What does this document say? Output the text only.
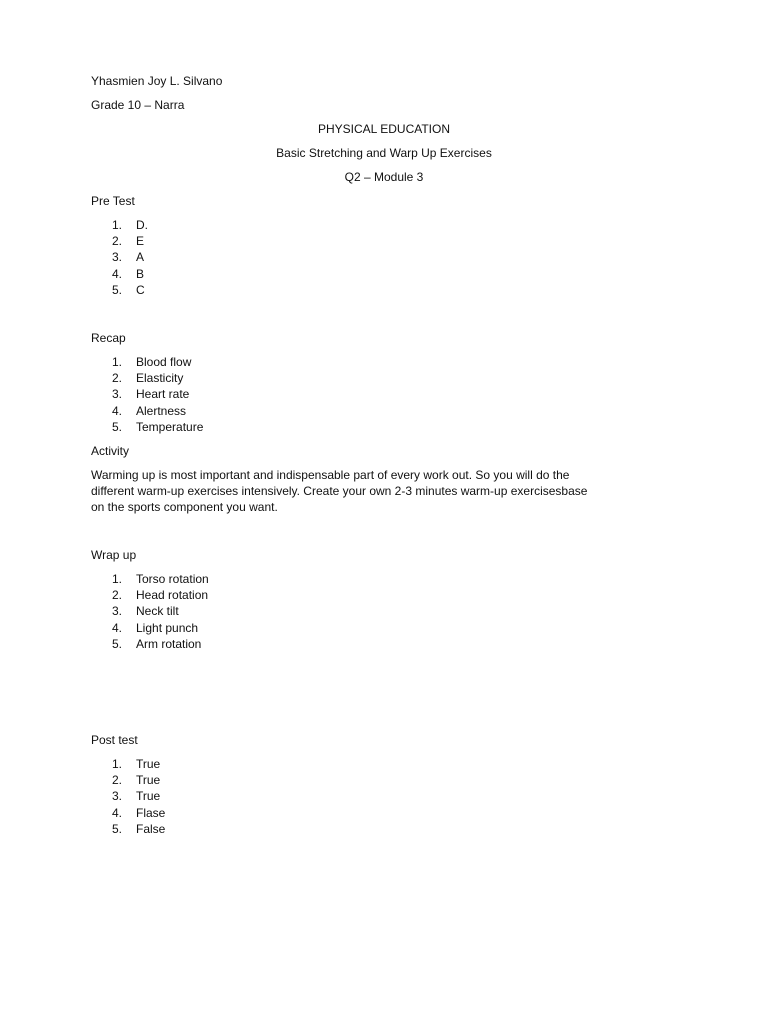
Yhasmien Joy L. Silvano
Grade 10 – Narra
PHYSICAL EDUCATION
Basic Stretching and Warp Up Exercises
Q2 – Module 3
Pre Test
1.	D.
2.	E
3.	A
4.	B
5.	C
Recap
1.	Blood flow
2.	Elasticity
3.	Heart rate
4.	Alertness
5.	Temperature
Activity
Warming up is most important and indispensable part of every work out. So you will do the
different warm-up exercises intensively. Create your own 2-3 minutes warm-up exercisesbase
on the sports component you want.
Wrap up
1.	Torso rotation
2.	Head rotation
3.	Neck tilt
4.	Light punch
5.	Arm rotation
Post test
1.	True
2.	True
3.	True
4.	Flase
5.	False
